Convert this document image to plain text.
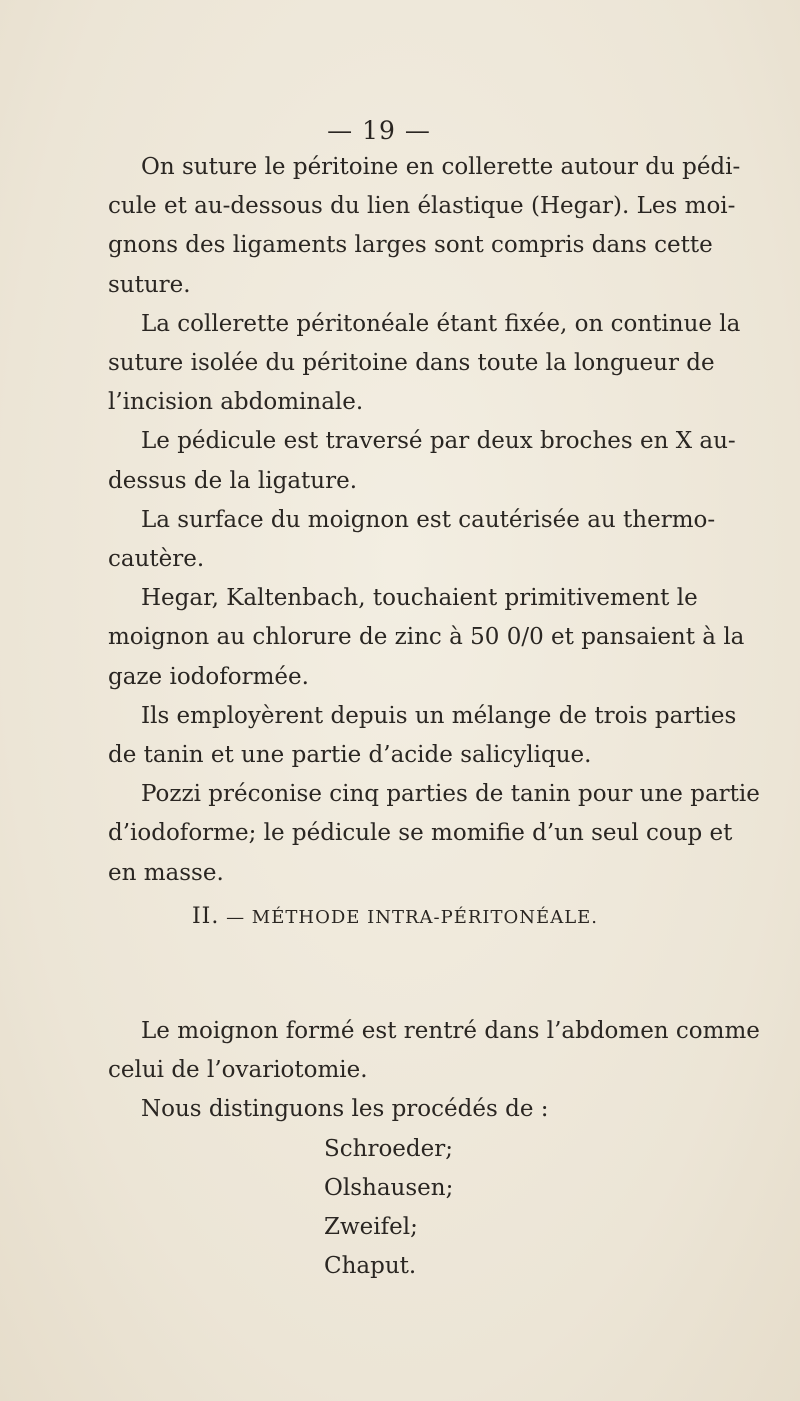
— 19 —

On suture le péritoine en collerette autour du pédi-
cule et au-dessous du lien élastique (Hegar). Les moi-
gnons des ligaments larges sont compris dans cette
suture.

La collerette péritonéale étant fixée, on continue la
suture isolée du péritoine dans toute la longueur de
l’incision abdominale.

Le pédicule est traversé par deux broches en X au-
dessus de la ligature.

La surface du moignon est cautérisée au thermo-
cautère.

Hegar, Kaltenbach, touchaient primitivement le
moignon au chlorure de zinc à 50 0/0 et pansaient à la
gaze iodoformée.

Ils employèrent depuis un mélange de trois parties
de tanin et une partie d’acide salicylique.

Pozzi préconise cinq parties de tanin pour une partie
d’iodoforme; le pédicule se momifie d’un seul coup et
en masse.

II. — MÉTHODE INTRA-PÉRITONÉALE.

Le moignon formé est rentré dans l’abdomen comme
celui de l’ovariotomie.

Nous distinguons les procédés de :

Schroeder;
Olshausen;
Zweifel;
Chaput.
